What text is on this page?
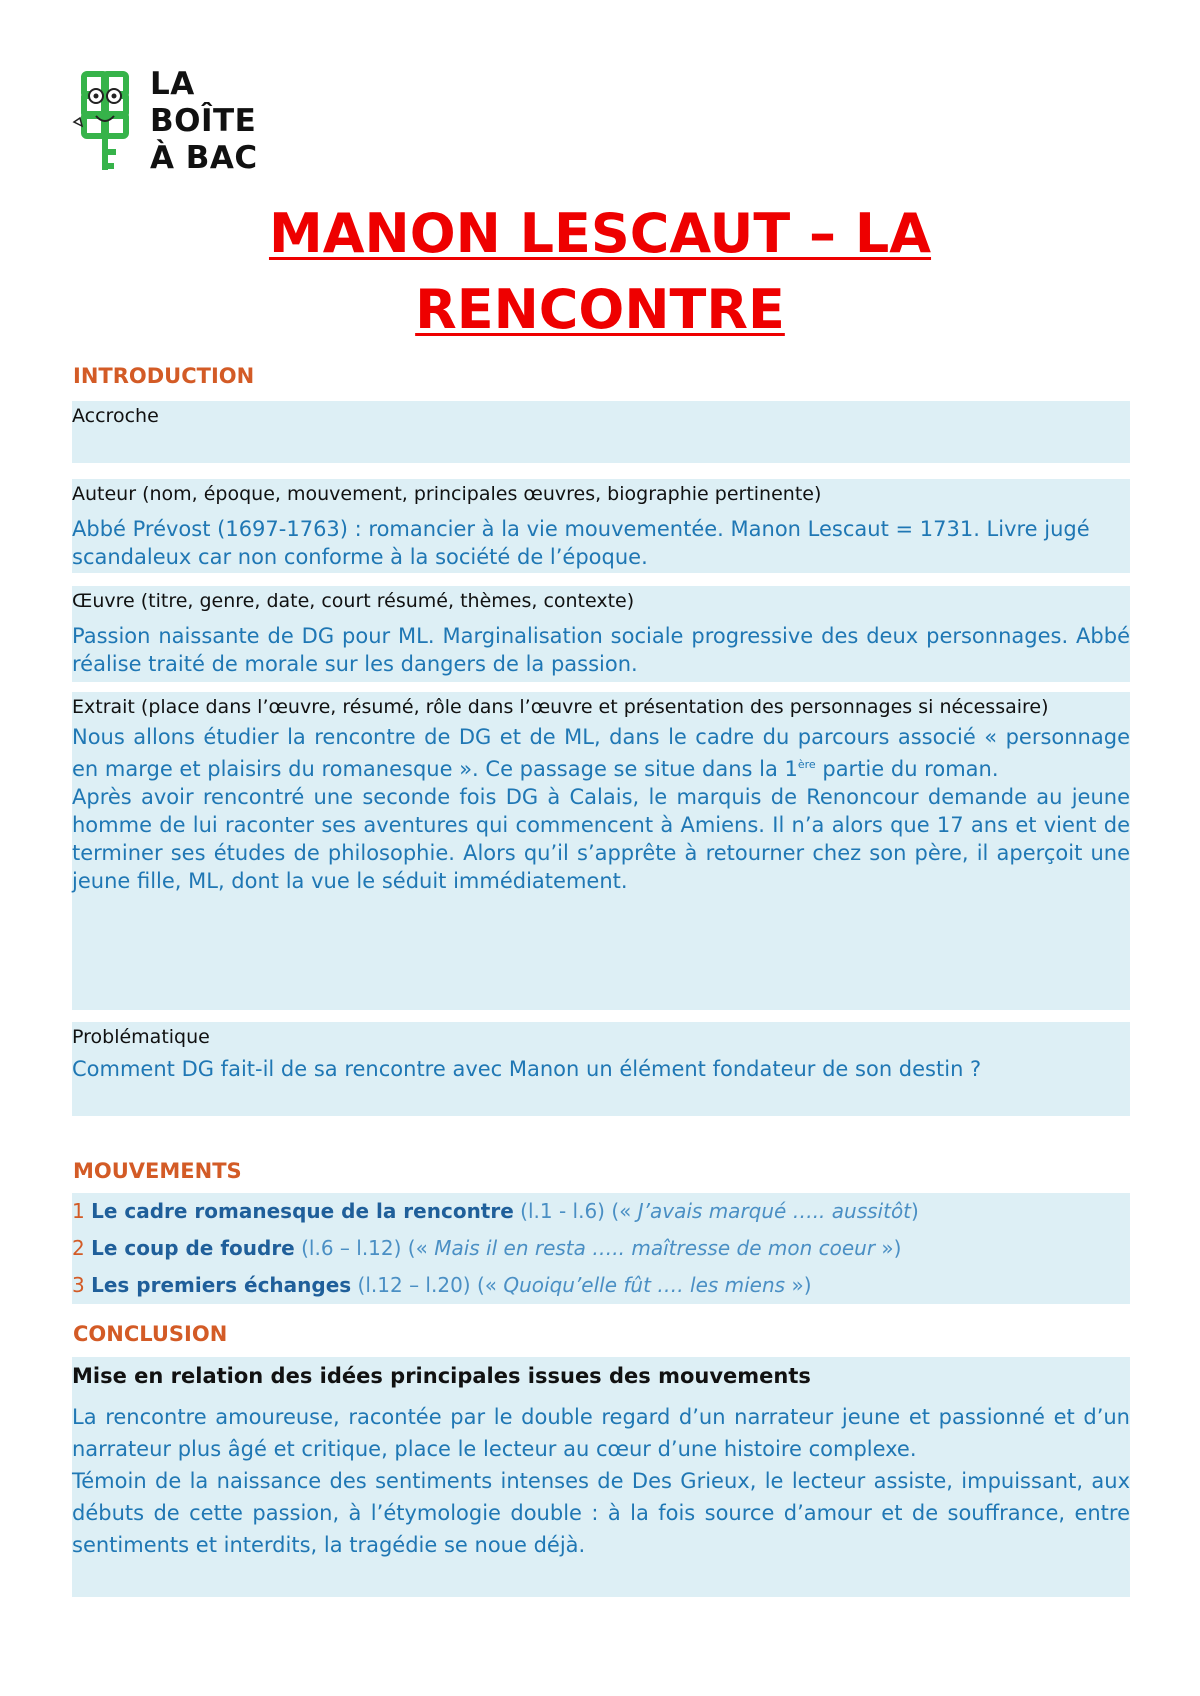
LA
BOÎTE
À BAC
MANON LESCAUT – LA
RENCONTRE
INTRODUCTION
Accroche
Auteur (nom, époque, mouvement, principales œuvres, biographie pertinente)
Abbé Prévost (1697-1763) : romancier à la vie mouvementée. Manon Lescaut = 1731. Livre jugé scandaleux car non conforme à la société de l’époque.
Œuvre (titre, genre, date, court résumé, thèmes, contexte)
Passion naissante de DG pour ML. Marginalisation sociale progressive des deux personnages. Abbé réalise traité de morale sur les dangers de la passion.
Extrait (place dans l’œuvre, résumé, rôle dans l’œuvre et présentation des personnages si nécessaire)
Nous allons étudier la rencontre de DG et de ML, dans le cadre du parcours associé « personnage en marge et plaisirs du romanesque ». Ce passage se situe dans la 1ère partie du roman.
Après avoir rencontré une seconde fois DG à Calais, le marquis de Renoncour demande au jeune homme de lui raconter ses aventures qui commencent à Amiens. Il n’a alors que 17 ans et vient de terminer ses études de philosophie. Alors qu’il s’apprête à retourner chez son père, il aperçoit une jeune fille, ML, dont la vue le séduit immédiatement.
Problématique
Comment DG fait-il de sa rencontre avec Manon un élément fondateur de son destin ?
MOUVEMENTS
1 Le cadre romanesque de la rencontre (l.1 - l.6) (« J’avais marqué ….. aussitôt)
2 Le coup de foudre (l.6 – l.12) (« Mais il en resta ….. maîtresse de mon coeur »)
3 Les premiers échanges (l.12 – l.20) (« Quoiqu’elle fût …. les miens »)
CONCLUSION
Mise en relation des idées principales issues des mouvements
La rencontre amoureuse, racontée par le double regard d’un narrateur jeune et passionné et d’un narrateur plus âgé et critique, place le lecteur au cœur d’une histoire complexe.
Témoin de la naissance des sentiments intenses de Des Grieux, le lecteur assiste, impuissant, aux débuts de cette passion, à l’étymologie double : à la fois source d’amour et de souffrance, entre sentiments et interdits, la tragédie se noue déjà.
